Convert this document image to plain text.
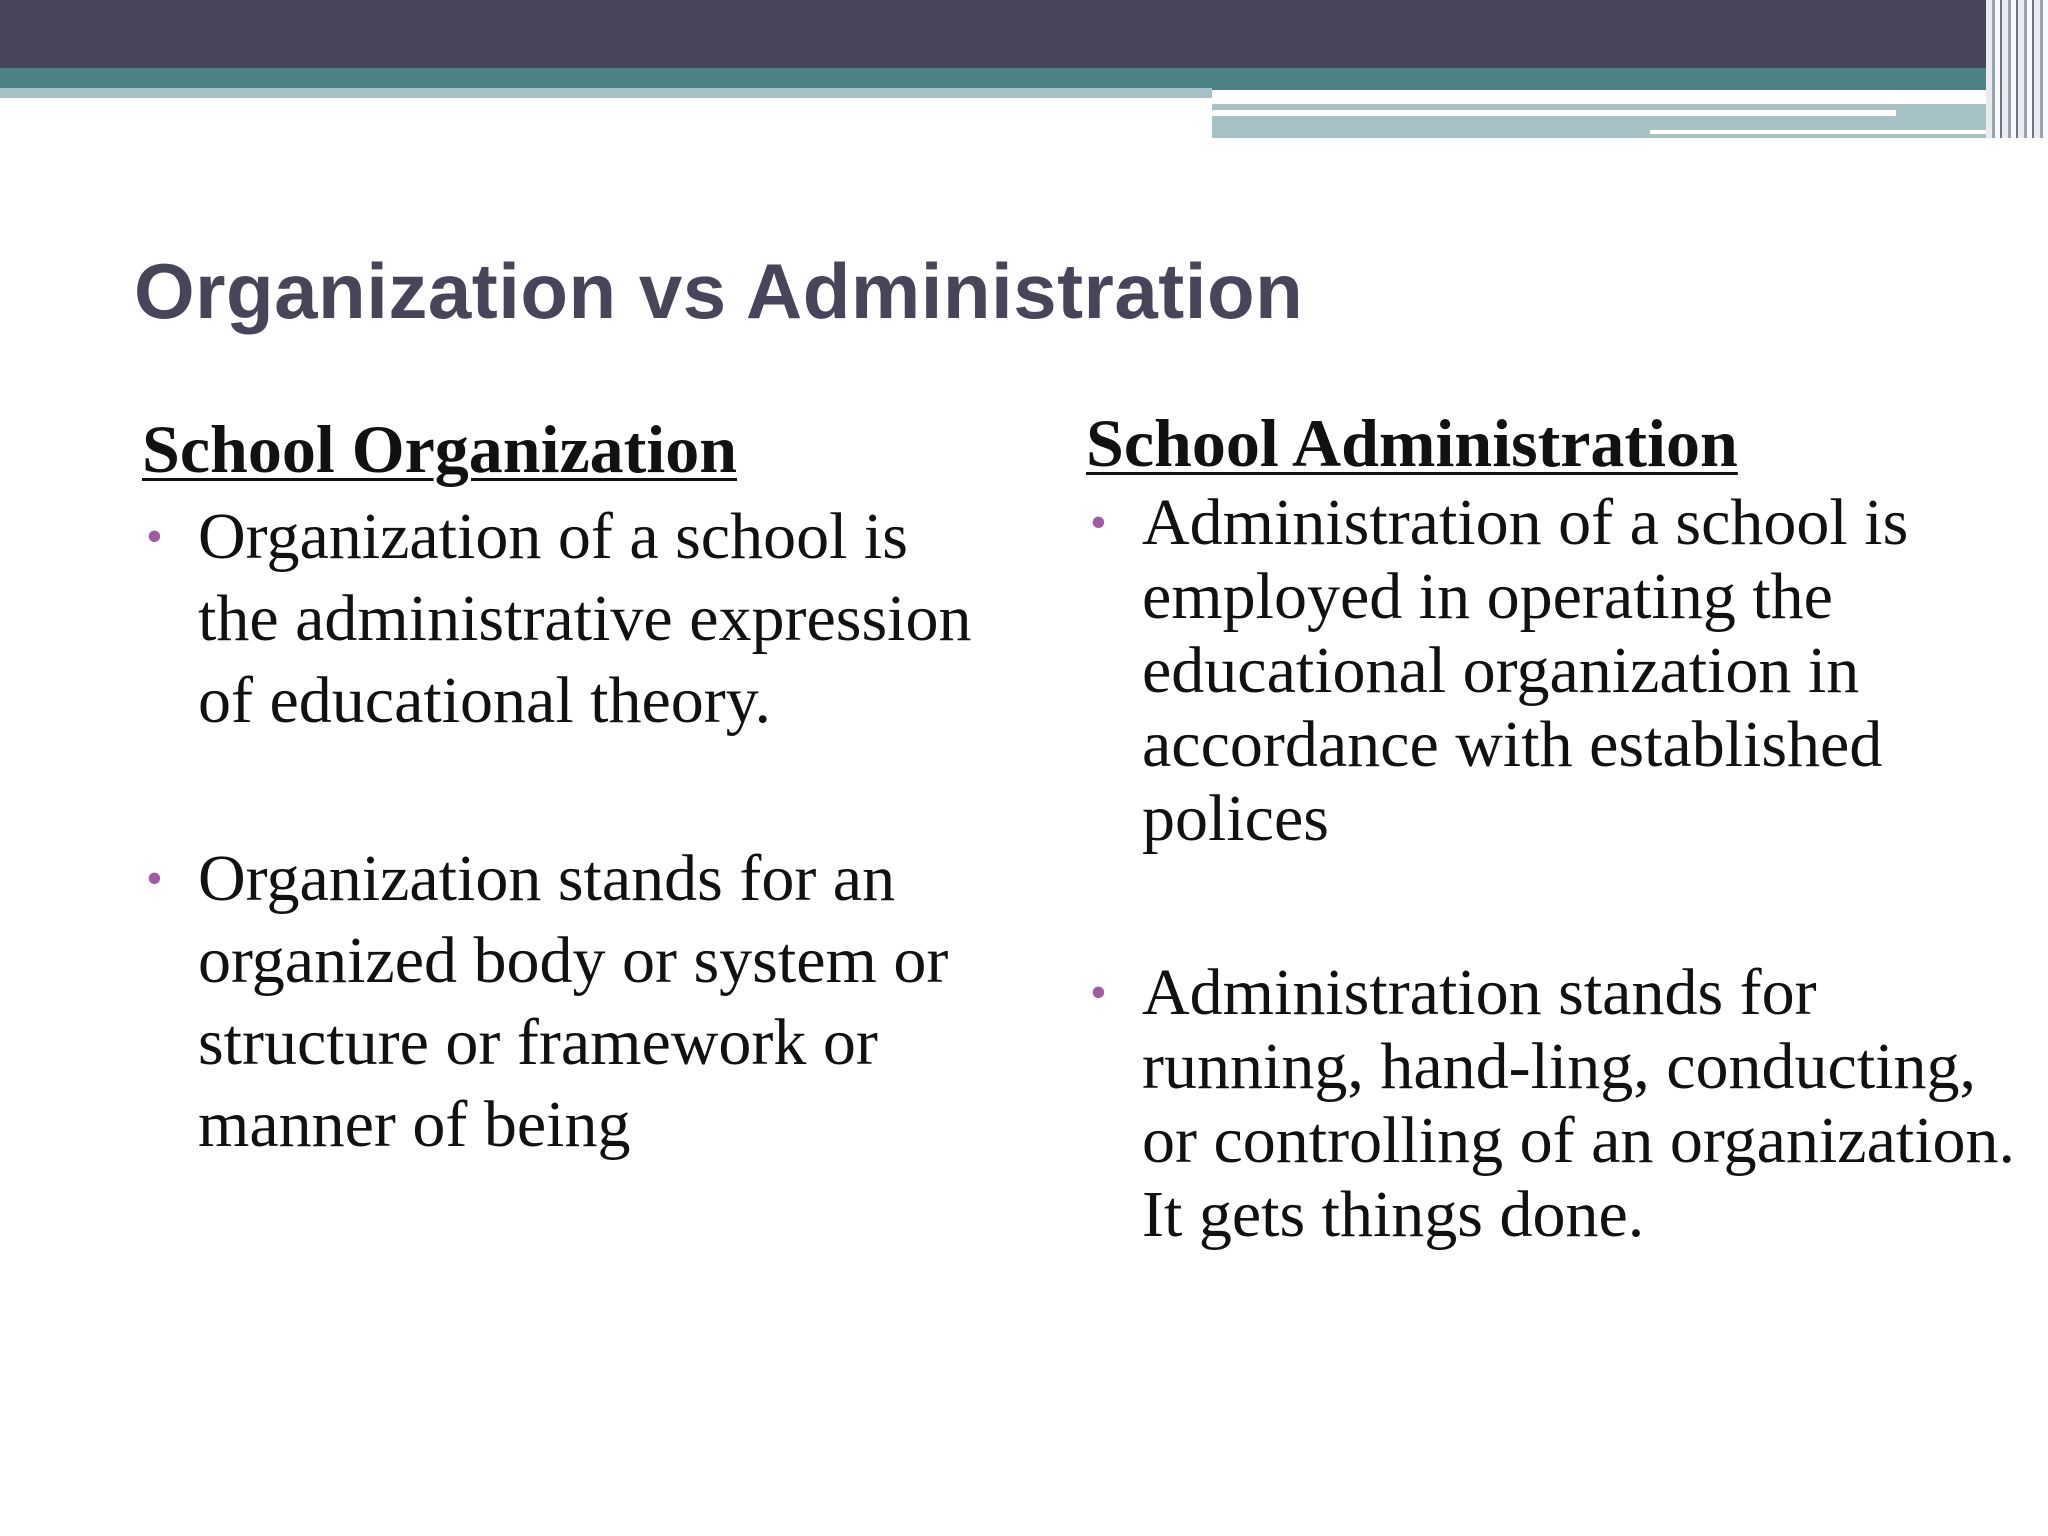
Organization vs Administration
School Organization
• Organization of a school is the administrative expression of educational theory.
• Organization stands for an organized body or system or structure or framework or manner of being
School Administration
• Administration of a school is employed in operating the educational organization in accordance with established polices
• Administration stands for running, hand-ling, conducting, or controlling of an organization. It gets things done.
